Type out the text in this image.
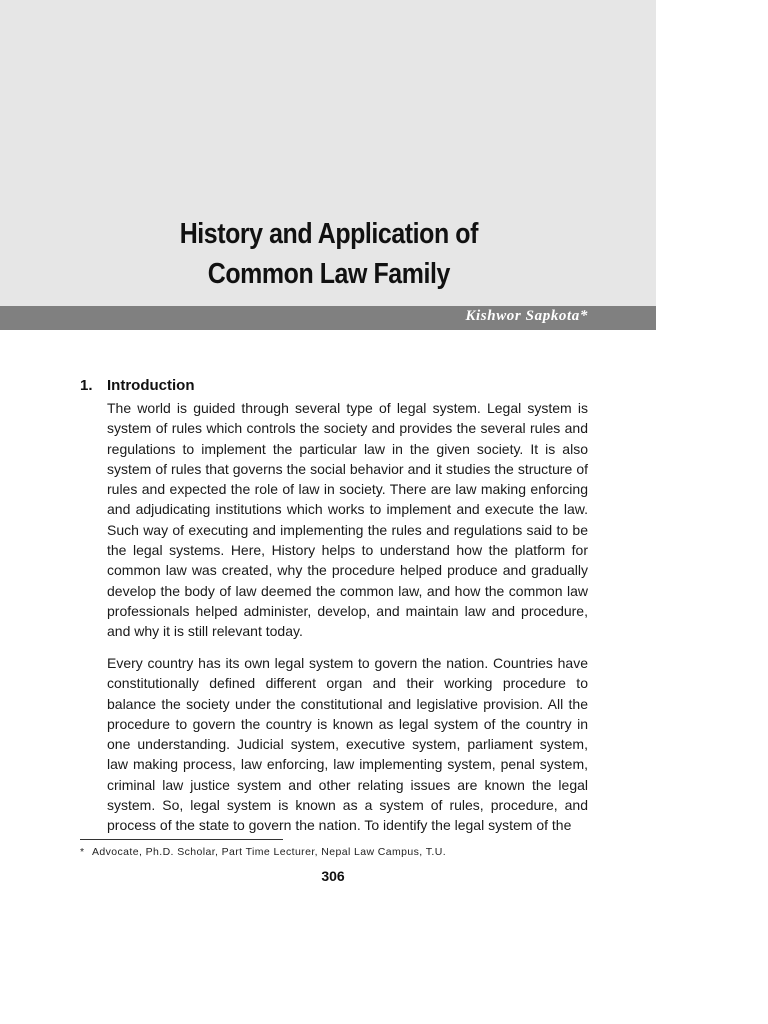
History and Application of
Common Law Family
Kishwor Sapkota*
1. Introduction

The world is guided through several type of legal system. Legal system is system of rules which controls the society and provides the several rules and regulations to implement the particular law in the given society. It is also system of rules that governs the social behavior and it studies the structure of rules and expected the role of law in society. There are law making enforcing and adjudicating institutions which works to implement and execute the law. Such way of executing and implementing the rules and regulations said to be the legal systems. Here, History helps to understand how the platform for common law was created, why the procedure helped produce and gradually develop the body of law deemed the common law, and how the common law professionals helped administer, develop, and maintain law and procedure, and why it is still relevant today.

Every country has its own legal system to govern the nation. Countries have constitutionally defined different organ and their working procedure to balance the society under the constitutional and legislative provision. All the procedure to govern the country is known as legal system of the country in one understanding. Judicial system, executive system, parliament system, law making process, law enforcing, law implementing system, penal system, criminal law justice system and other relating issues are known the legal system. So, legal system is known as a system of rules, procedure, and process of the state to govern the nation. To identify the legal system of the

* Advocate, Ph.D. Scholar, Part Time Lecturer, Nepal Law Campus, T.U.
306
